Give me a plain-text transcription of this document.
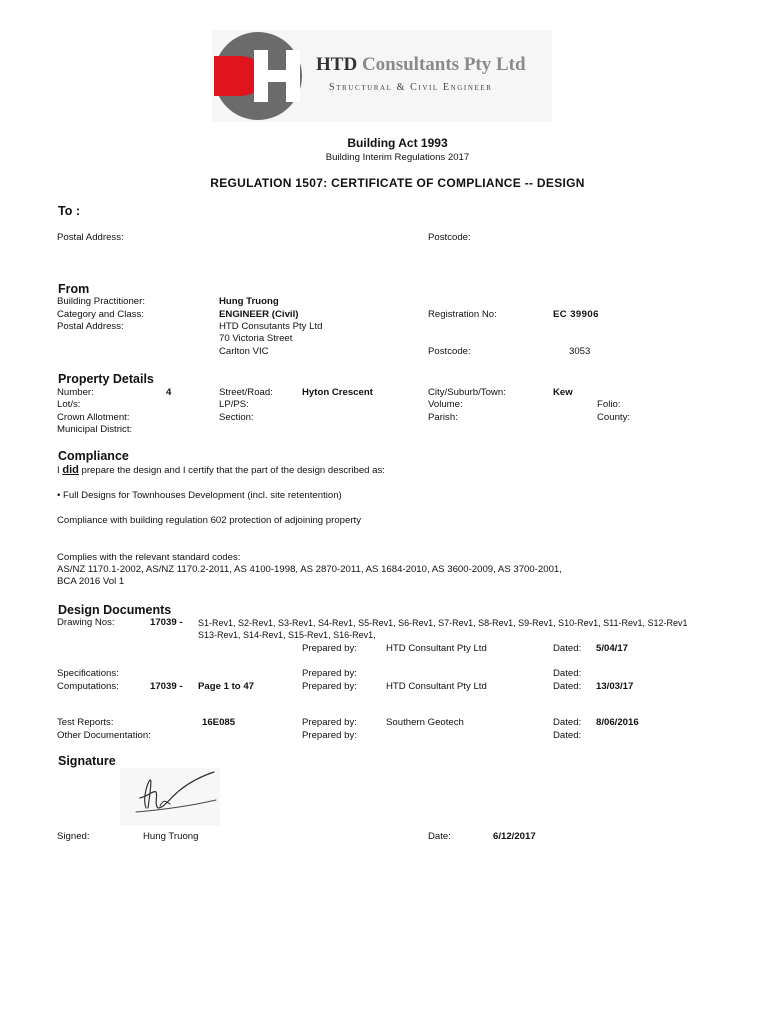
HTD Consultants Pty Ltd
Structural & Civil Engineer
Building Act 1993
Building Interim Regulations 2017
REGULATION 1507: CERTIFICATE OF COMPLIANCE -- DESIGN
To :
Postal Address:	Postcode:
From
Building Practitioner:	Hung Truong
Category and Class:	ENGINEER (Civil)	Registration No:	EC 39906
Postal Address:	HTD Consutants Pty Ltd
70 Victoria Street
Carlton VIC	Postcode:	3053
Property Details
Number:	4	Street/Road:	Hyton Crescent	City/Suburb/Town:	Kew
Lot/s:	LP/PS:	Volume:	Folio:
Crown Allotment:	Section:	Parish:	County:
Municipal District:
Compliance
I did prepare the design and I certify that the part of the design described as:
• Full Designs for Townhouses Development (incl. site retentention)
Compliance with building regulation 602 protection of adjoining property
Complies with the relevant standard codes:
AS/NZ 1170.1-2002, AS/NZ 1170.2-2011, AS 4100-1998, AS 2870-2011, AS 1684-2010, AS 3600-2009, AS 3700-2001,
BCA 2016 Vol 1
Design Documents
Drawing Nos:	17039 - S1-Rev1, S2-Rev1, S3-Rev1, S4-Rev1, S5-Rev1, S6-Rev1, S7-Rev1, S8-Rev1, S9-Rev1, S10-Rev1, S11-Rev1, S12-Rev1
S13-Rev1, S14-Rev1, S15-Rev1, S16-Rev1,
Prepared by:	HTD Consultant Pty Ltd	Dated: 5/04/17
Specifications:	Prepared by:	Dated:
Computations:	17039 - Page 1 to 47	Prepared by:	HTD Consultant Pty Ltd	Dated: 13/03/17
Test Reports:	16E085	Prepared by:	Southern Geotech	Dated: 8/06/2016
Other Documentation:	Prepared by:	Dated:
Signature
Signed:	Hung Truong	Date:	6/12/2017
